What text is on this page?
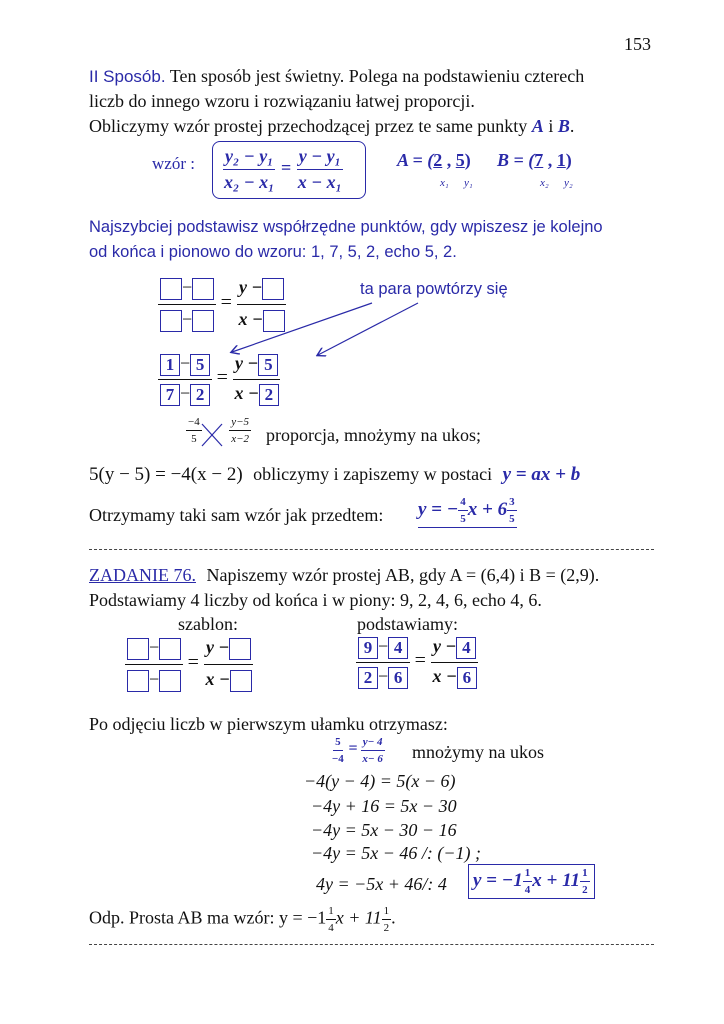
153
II Sposób. Ten sposób jest świetny. Polega na podstawieniu czterech
liczb do innego wzoru i rozwiązaniu łatwej proporcji.
Obliczymy wzór prostej przechodzącej przez te same punkty A i B.
wzór : $\frac{\text{y₂ − y₁}}{\text{x₂ − x₁}} = \frac{\text{y − y₁}}{\text{x − x₁}}$	A = (2 , 5)
x₁ y₁
B = (7 , 1)
x₂ y₂
Najszybciej podstawisz współrzędne punktów, gdy wpiszesz je kolejno
od końca i pionowo do wzoru: 1, 7, 5, 2, echo 5, 2.
$\frac{-}{-} = \frac{y -}{x -}$	ta para powtórzy się
$\frac{1 - 5}{7 - 2} = \frac{y - 5}{x - 2}$
$\frac{-4}{5}$
	$\frac{y-5}{x-2}$ proporcja, mnożymy na ukos;
5(y − 5) = −4(x − 2) obliczymy i zapiszemy w postaci y = ax + b
Otrzymamy taki sam wzór jak przedtem: y = − $\frac{4}{5}$ $x + 6 \frac{3}{5}$
ZADANIE 76. Napiszemy wzór prostej AB, gdy A = (6,4) i B = (2,9).
Podstawiamy 4 liczby od końca i w piony: 9, 2, 4, 6, echo 4, 6.
szablon:	podstawiamy:
$\frac{-}{-} = \frac{y -}{x -}$	$\frac{9 - 4}{2 - 6} = \frac{y - 4}{x - 6}$
Po odjęciu liczb w pierwszym ułamku otrzymasz:
$\frac{5}{-4} = \frac{y- 4}{x- 6}$ mnożymy na ukos
−4(y − 4) = 5(x − 6)
−4y + 16 = 5x − 30
−4y = 5x − 30 − 16
−4y = 5x − 46 /: (−1) ;
4y = −5x + 46/: 4 $y = -1 \frac{1}{4}$ $x + 11 \frac{1}{2}$
Odp. Prosta AB ma wzór: $y = -1 \frac{1}{4}$ $x + 11 \frac{1}{2}$ .
